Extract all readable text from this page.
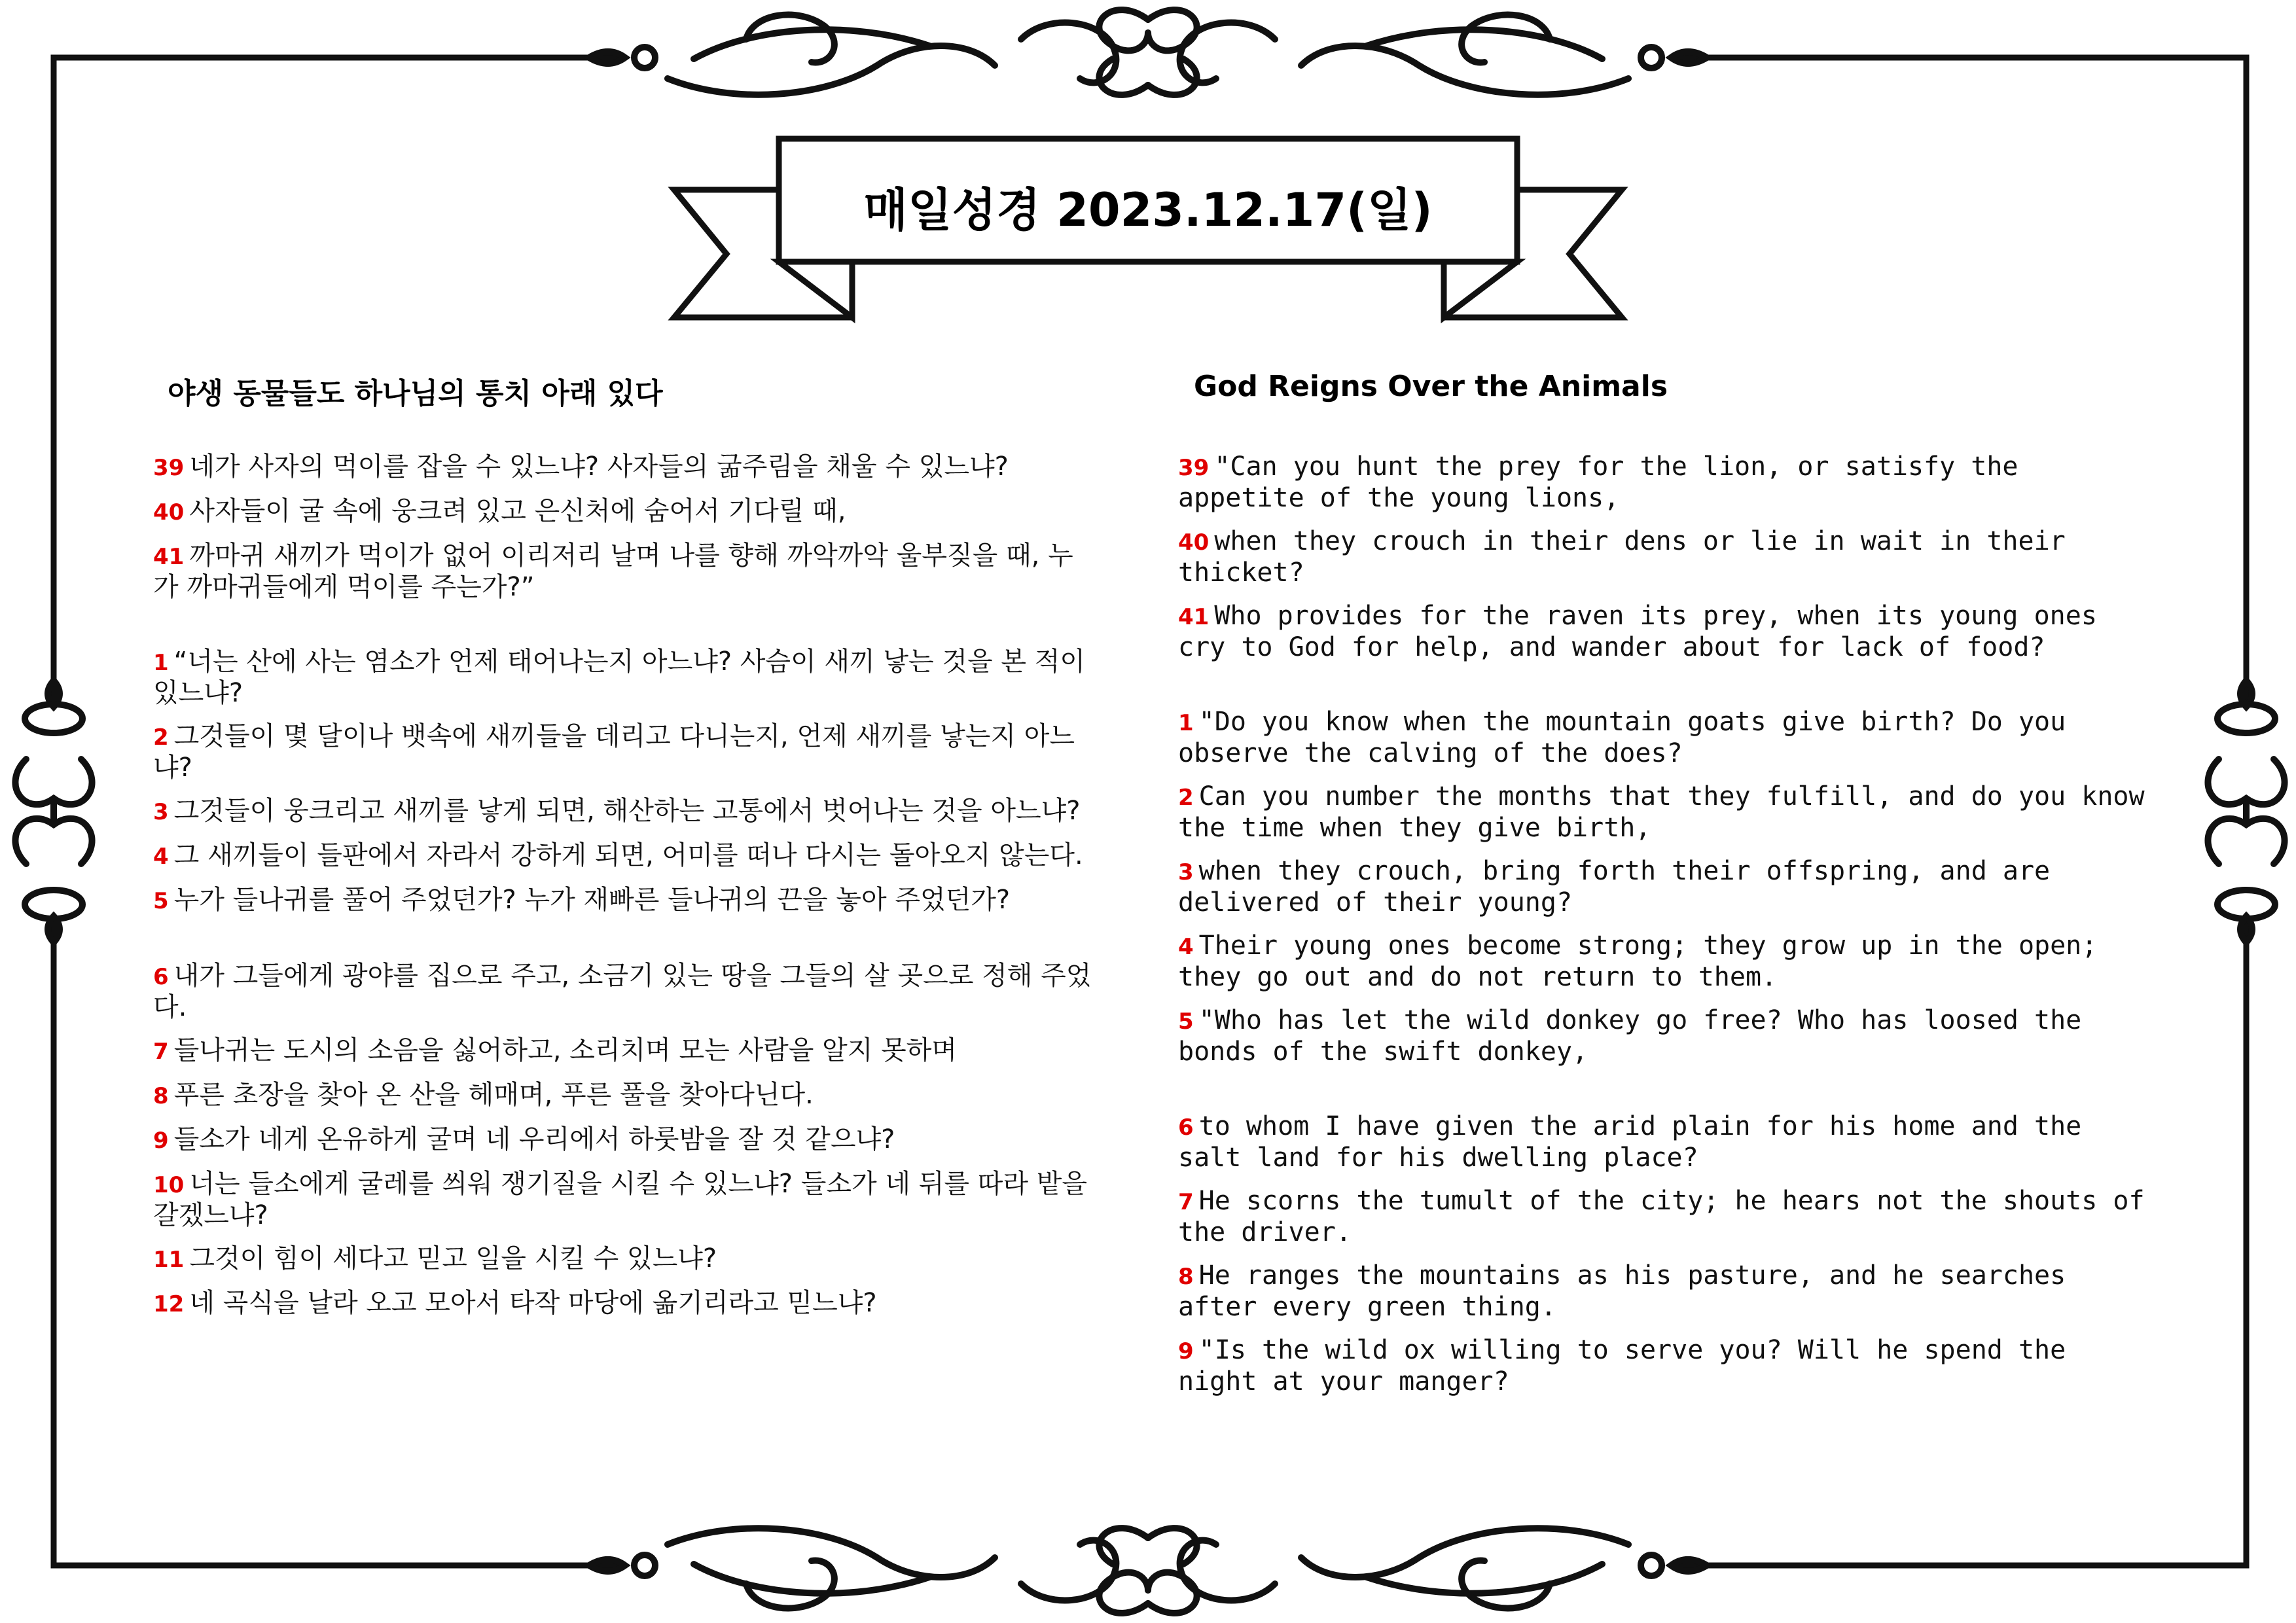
매일성경 2023.12.17(일)
야생 동물들도 하나님의 통치 아래 있다	God Reigns Over the Animals
39 네가 사자의 먹이를 잡을 수 있느냐? 사자들의 굶주림을 채울 수 있느냐?
40 사자들이 굴 속에 웅크려 있고 은신처에 숨어서 기다릴 때,
41 까마귀 새끼가 먹이가 없어 이리저리 날며 나를 향해 까악까악 울부짖을 때, 누가 까마귀들에게 먹이를 주는가?”
1 “너는 산에 사는 염소가 언제 태어나는지 아느냐? 사슴이 새끼 낳는 것을 본 적이 있느냐?
2 그것들이 몇 달이나 뱃속에 새끼들을 데리고 다니는지, 언제 새끼를 낳는지 아느냐?
3 그것들이 웅크리고 새끼를 낳게 되면, 해산하는 고통에서 벗어나는 것을 아느냐?
4 그 새끼들이 들판에서 자라서 강하게 되면, 어미를 떠나 다시는 돌아오지 않는다.
5 누가 들나귀를 풀어 주었던가? 누가 재빠른 들나귀의 끈을 놓아 주었던가?
6 내가 그들에게 광야를 집으로 주고, 소금기 있는 땅을 그들의 살 곳으로 정해 주었다.
7 들나귀는 도시의 소음을 싫어하고, 소리치며 모는 사람을 알지 못하며
8 푸른 초장을 찾아 온 산을 헤매며, 푸른 풀을 찾아다닌다.
9 들소가 네게 온유하게 굴며 네 우리에서 하룻밤을 잘 것 같으냐?
10 너는 들소에게 굴레를 씌워 쟁기질을 시킬 수 있느냐? 들소가 네 뒤를 따라 밭을 갈겠느냐?
11 그것이 힘이 세다고 믿고 일을 시킬 수 있느냐?
12 네 곡식을 날라 오고 모아서 타작 마당에 옮기리라고 믿느냐?
39 "Can you hunt the prey for the lion, or satisfy the appetite of the young lions,
40 when they crouch in their dens or lie in wait in their thicket?
41 Who provides for the raven its prey, when its young ones cry to God for help, and wander about for lack of food?
1 "Do you know when the mountain goats give birth? Do you observe the calving of the does?
2 Can you number the months that they fulfill, and do you know the time when they give birth,
3 when they crouch, bring forth their offspring, and are delivered of their young?
4 Their young ones become strong; they grow up in the open; they go out and do not return to them.
5 "Who has let the wild donkey go free? Who has loosed the bonds of the swift donkey,
6 to whom I have given the arid plain for his home and the salt land for his dwelling place?
7 He scorns the tumult of the city; he hears not the shouts of the driver.
8 He ranges the mountains as his pasture, and he searches after every green thing.
9 "Is the wild ox willing to serve you? Will he spend the night at your manger?
